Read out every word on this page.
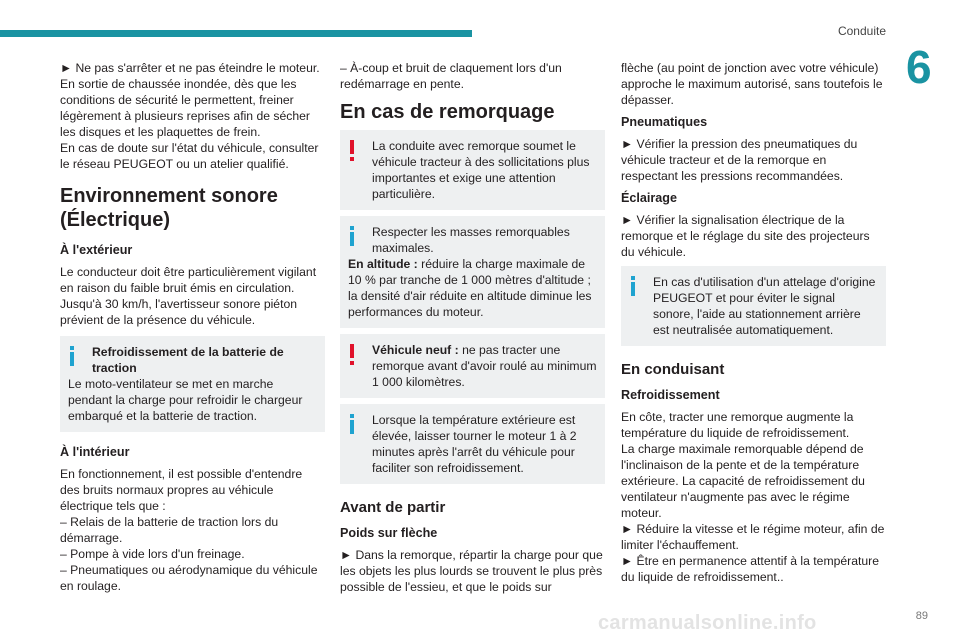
Conduite
6

► Ne pas s'arrêter et ne pas éteindre le moteur.

En sortie de chaussée inondée, dès que les conditions de sécurité le permettent, freiner légèrement à plusieurs reprises afin de sécher les disques et les plaquettes de frein.

En cas de doute sur l'état du véhicule, consulter le réseau PEUGEOT ou un atelier qualifié.

Environnement sonore (Électrique)
À l'extérieur

Le conducteur doit être particulièrement vigilant en raison du faible bruit émis en circulation. Jusqu'à 30 km/h, l'avertisseur sonore piéton prévient de la présence du véhicule.

Refroidissement de la batterie de traction

Le moto-ventilateur se met en marche pendant la charge pour refroidir le chargeur embarqué et la batterie de traction.

À l'intérieur

En fonctionnement, il est possible d'entendre des bruits normaux propres au véhicule électrique tels que :

– Relais de la batterie de traction lors du démarrage.

– Pompe à vide lors d'un freinage.

– Pneumatiques ou aérodynamique du véhicule en roulage.

– À-coup et bruit de claquement lors d'un redémarrage en pente.

En cas de remorquage

La conduite avec remorque soumet le véhicule tracteur à des sollicitations plus importantes et exige une attention particulière.

Respecter les masses remorquables maximales.

En altitude : réduire la charge maximale de 10 % par tranche de 1 000 mètres d'altitude ; la densité d'air réduite en altitude diminue les performances du moteur.

Véhicule neuf : ne pas tracter une remorque avant d'avoir roulé au minimum 1 000 kilomètres.

Lorsque la température extérieure est élevée, laisser tourner le moteur 1 à 2 minutes après l'arrêt du véhicule pour faciliter son refroidissement.

Avant de partir
Poids sur flèche

► Dans la remorque, répartir la charge pour que les objets les plus lourds se trouvent le plus près possible de l'essieu, et que le poids sur

flèche (au point de jonction avec votre véhicule) approche le maximum autorisé, sans toutefois le dépasser.

Pneumatiques

► Vérifier la pression des pneumatiques du véhicule tracteur et de la remorque en respectant les pressions recommandées.

Éclairage

► Vérifier la signalisation électrique de la remorque et le réglage du site des projecteurs du véhicule.

En cas d'utilisation d'un attelage d'origine PEUGEOT et pour éviter le signal sonore, l'aide au stationnement arrière est neutralisée automatiquement.

En conduisant
Refroidissement

En côte, tracter une remorque augmente la température du liquide de refroidissement.

La charge maximale remorquable dépend de l'inclinaison de la pente et de la température extérieure. La capacité de refroidissement du ventilateur n'augmente pas avec le régime moteur.

► Réduire la vitesse et le régime moteur, afin de limiter l'échauffement.

► Être en permanence attentif à la température du liquide de refroidissement..

carmanualsonline.info	89
